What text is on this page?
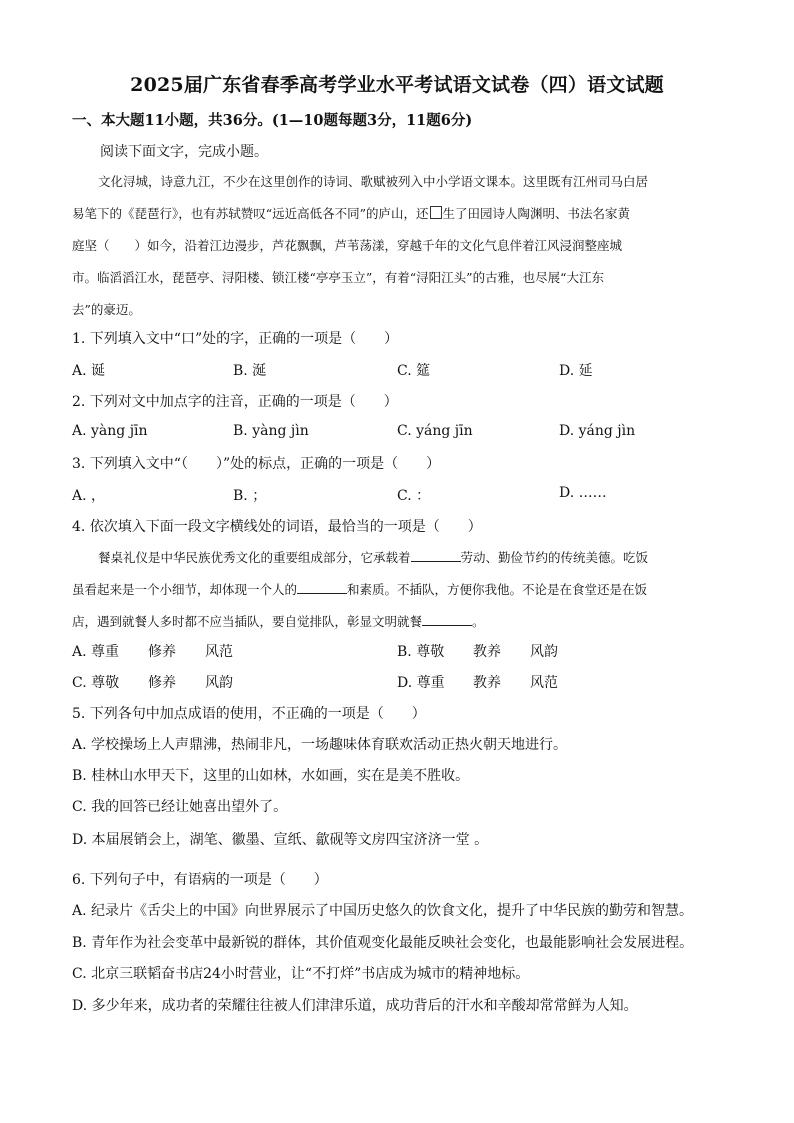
2025届广东省春季高考学业水平考试语文试卷（四）语文试题
一、本大题11小题，共36分。(1—10题每题3分，11题6分)
阅读下面文字，完成小题。
文化浔城，诗意九江，不少在这里创作的诗词、歌赋被列入中小学语文课本。这里既有江州司马白居
易笔下的《琵琶行》，也有苏轼赞叹“远近高低各不同”的庐山，还 生了田园诗人陶渊明、书法名家黄
庭坚（　　）如今，沿着江边漫步，芦花飘飘，芦苇荡漾，穿越千年的文化气息伴着江风浸润整座城
市。临滔滔江水，琵琶亭、浔阳楼、锁江楼“亭亭玉立”，有着“浔阳江头”的古雅，也尽展“大江东
去”的豪迈。
1. 下列填入文中“口”处的字，正确的一项是（　　）
A. 诞	B. 涎	C. 筵	D. 延
2. 下列对文中加点字的注音，正确的一项是（　　）
A. yàng jīn	B. yàng jìn	C. yáng jīn	D. yáng jìn
3. 下列填入文中“（　　）”处的标点，正确的一项是（　　）
A. ，	B. ；	C. ：	D. ……
4. 依次填入下面一段文字横线处的词语，最恰当的一项是（　　）
餐桌礼仪是中华民族优秀文化的重要组成部分，它承载着	劳动、勤俭节约的传统美德。吃饭
虽看起来是一个小细节，却体现一个人的	和素质。不插队，方便你我他。不论是在食堂还是在饭
店，遇到就餐人多时都不应当插队，要自觉排队，彰显文明就餐	。
A. 尊重 修养 风范	B. 尊敬 教养 风韵
C. 尊敬 修养 风韵	D. 尊重 教养 风范
5. 下列各句中加点成语的使用，不正确的一项是（　　）
A. 学校操场上人声鼎沸，热闹非凡，一场趣味体育联欢活动正热火朝天地进行。
B. 桂林山水甲天下，这里的山如林，水如画，实在是美不胜收。
C. 我的回答已经让她喜出望外了。
D. 本届展销会上，湖笔、徽墨、宣纸、歙砚等文房四宝济济一堂 。
6. 下列句子中，有语病的一项是（　　）
A. 纪录片《舌尖上的中国》向世界展示了中国历史悠久的饮食文化，提升了中华民族的勤劳和智慧。
B. 青年作为社会变革中最新锐的群体，其价值观变化最能反映社会变化，也最能影响社会发展进程。
C. 北京三联韬奋书店24小时营业，让“不打烊”书店成为城市的精神地标。
D. 多少年来，成功者的荣耀往往被人们津津乐道，成功背后的汗水和辛酸却常常鲜为人知。
